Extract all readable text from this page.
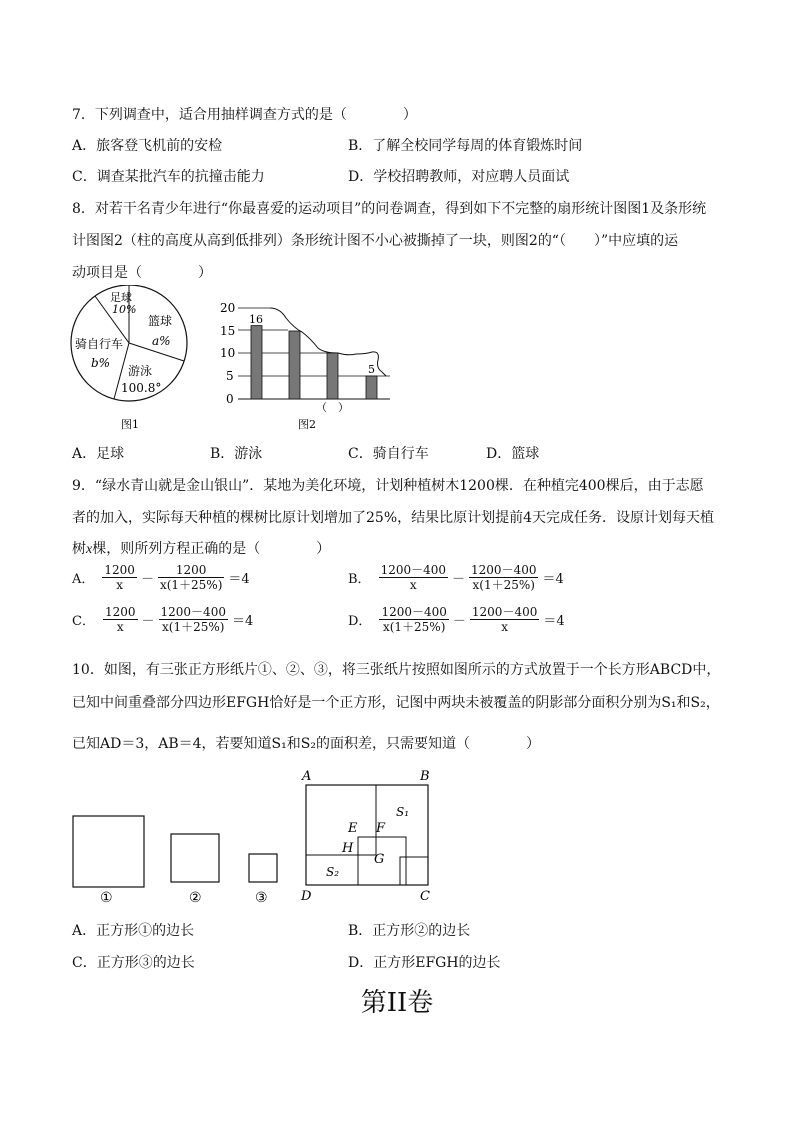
7．下列调查中，适合用抽样调查方式的是（　　　　）
A．旅客登飞机前的安检	B．了解全校同学每周的体育锻炼时间
C．调查某批汽车的抗撞击能力	D．学校招聘教师，对应聘人员面试
8．对若干名青少年进行“你最喜爱的运动项目”的问卷调查，得到如下不完整的扇形统计图图1及条形统
计图图2（柱的高度从高到低排列）条形统计图不小心被撕掉了一块，则图2的“（　　）”中应填的运
动项目是（　　　　）
足球
10%
篮球
a%
骑自行车
b%
游泳
100.8°
图1
20
15
10
5
0
16
5
（　）
图2
A．足球	B．游泳	C．骑自行车	D．篮球
9．“绿水青山就是金山银山”．某地为美化环境，计划种植树木1200棵．在种植完400棵后，由于志愿
者的加入，实际每天种植的棵树比原计划增加了25%，结果比原计划提前4天完成任务．设原计划每天植
树x棵，则所列方程正确的是（　　　　）
A． $\frac{1200}{x} - \frac{1200}{x(1+25\%)} =4$	B． $\frac{1200-400}{x} - \frac{1200-400}{x(1+25\%)} =4$
C． $\frac{1200}{x} - \frac{1200-400}{x(1+25\%)} =4$	D． $\frac{1200-400}{x(1+25\%)} - \frac{1200-400}{x} =4$
10．如图，有三张正方形纸片①、②、③，将三张纸片按照如图所示的方式放置于一个长方形ABCD中，
已知中间重叠部分四边形EFGH恰好是一个正方形，记图中两块未被覆盖的阴影部分面积分别为S₁和S₂，
已知AD＝3，AB＝4，若要知道S₁和S₂的面积差，只需要知道（　　　　）
①	②	③
A	B
C
D
E F
G
H
S₁
S₂
A．正方形①的边长	B．正方形②的边长
C．正方形③的边长	D．正方形EFGH的边长
第II卷
